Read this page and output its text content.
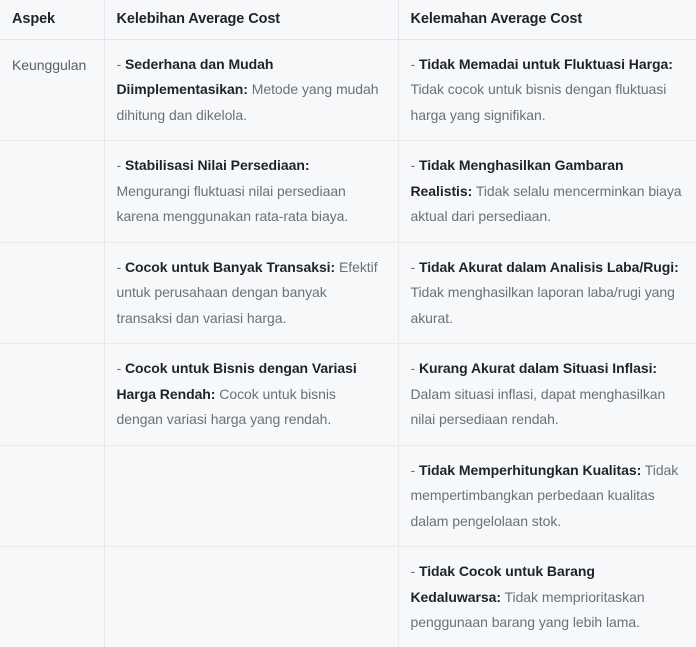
Aspek	Kelebihan Average Cost	Kelemahan Average Cost
Keunggulan	- Sederhana dan Mudah Diimplementasikan: Metode yang mudah dihitung dan dikelola.	- Tidak Memadai untuk Fluktuasi Harga: Tidak cocok untuk bisnis dengan fluktuasi harga yang signifikan.

	- Stabilisasi Nilai Persediaan: Mengurangi fluktuasi nilai persediaan karena menggunakan rata-rata biaya.	- Tidak Menghasilkan Gambaran Realistis: Tidak selalu mencerminkan biaya aktual dari persediaan.

	- Cocok untuk Banyak Transaksi: Efektif untuk perusahaan dengan banyak transaksi dan variasi harga.	- Tidak Akurat dalam Analisis Laba/Rugi: Tidak menghasilkan laporan laba/rugi yang akurat.

	- Cocok untuk Bisnis dengan Variasi Harga Rendah: Cocok untuk bisnis dengan variasi harga yang rendah.	- Kurang Akurat dalam Situasi Inflasi: Dalam situasi inflasi, dapat menghasilkan nilai persediaan rendah.

		- Tidak Memperhitungkan Kualitas: Tidak mempertimbangkan perbedaan kualitas dalam pengelolaan stok.

		- Tidak Cocok untuk Barang Kedaluwarsa: Tidak memprioritaskan penggunaan barang yang lebih lama.
